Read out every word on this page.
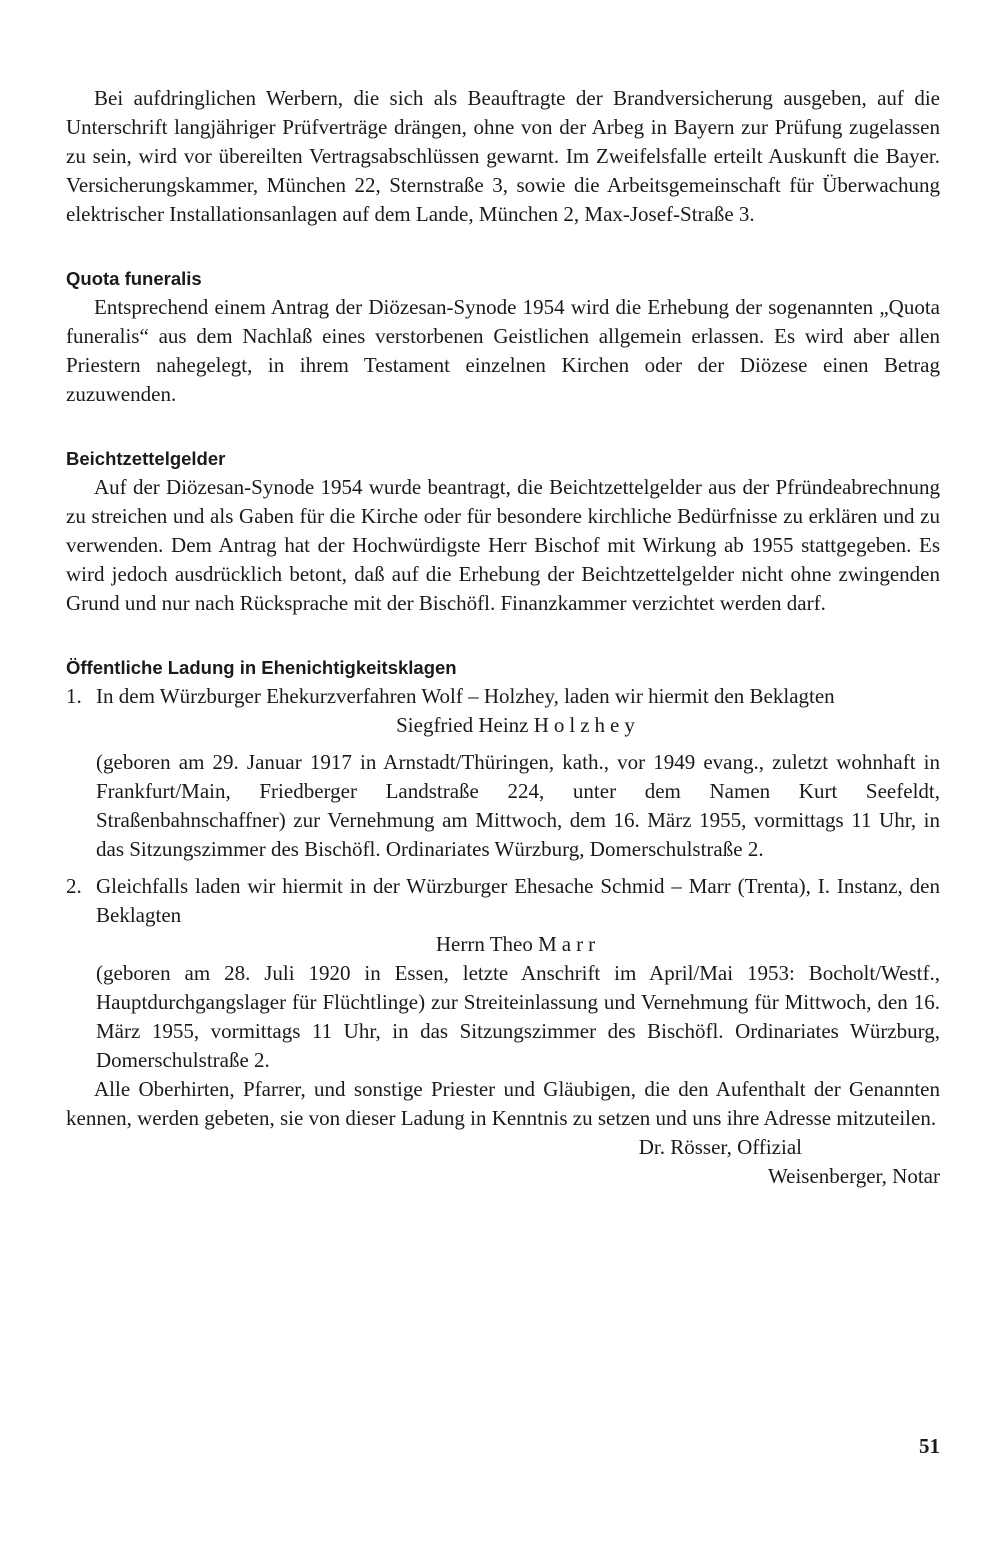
Bei aufdringlichen Werbern, die sich als Beauftragte der Brandversicherung ausgeben, auf die Unterschrift langjähriger Prüfverträge drängen, ohne von der Arbeg in Bayern zur Prüfung zugelassen zu sein, wird vor übereilten Vertragsabschlüssen gewarnt. Im Zweifelsfalle erteilt Auskunft die Bayer. Versicherungskammer, München 22, Sternstraße 3, sowie die Arbeitsgemeinschaft für Überwachung elektrischer Installationsanlagen auf dem Lande, München 2, Max-Josef-Straße 3.

Quota funeralis

Entsprechend einem Antrag der Diözesan-Synode 1954 wird die Erhebung der sogenannten „Quota funeralis“ aus dem Nachlaß eines verstorbenen Geistlichen allgemein erlassen. Es wird aber allen Priestern nahegelegt, in ihrem Testament einzelnen Kirchen oder der Diözese einen Betrag zuzuwenden.

Beichtzettelgelder

Auf der Diözesan-Synode 1954 wurde beantragt, die Beichtzettelgelder aus der Pfründeabrechnung zu streichen und als Gaben für die Kirche oder für besondere kirchliche Bedürfnisse zu erklären und zu verwenden. Dem Antrag hat der Hochwürdigste Herr Bischof mit Wirkung ab 1955 stattgegeben. Es wird jedoch ausdrücklich betont, daß auf die Erhebung der Beichtzettelgelder nicht ohne zwingenden Grund und nur nach Rücksprache mit der Bischöfl. Finanzkammer verzichtet werden darf.

Öffentliche Ladung in Ehenichtigkeitsklagen
1. In dem Würzburger Ehekurzverfahren Wolf – Holzhey, laden wir hiermit den Beklagten

Siegfried Heinz Holzhey

(geboren am 29. Januar 1917 in Arnstadt/Thüringen, kath., vor 1949 evang., zuletzt wohnhaft in Frankfurt/Main, Friedberger Landstraße 224, unter dem Namen Kurt Seefeldt, Straßenbahnschaffner) zur Vernehmung am Mittwoch, dem 16. März 1955, vormittags 11 Uhr, in das Sitzungszimmer des Bischöfl. Ordinariates Würzburg, Domerschulstraße 2.

2. Gleichfalls laden wir hiermit in der Würzburger Ehesache Schmid – Marr (Trenta), I. Instanz, den Beklagten

Herrn Theo Marr

(geboren am 28. Juli 1920 in Essen, letzte Anschrift im April/Mai 1953: Bocholt/Westf., Hauptdurchgangslager für Flüchtlinge) zur Streiteinlassung und Vernehmung für Mittwoch, den 16. März 1955, vormittags 11 Uhr, in das Sitzungszimmer des Bischöfl. Ordinariates Würzburg, Domerschulstraße 2.

Alle Oberhirten, Pfarrer, und sonstige Priester und Gläubigen, die den Aufenthalt der Genannten kennen, werden gebeten, sie von dieser Ladung in Kenntnis zu setzen und uns ihre Adresse mitzuteilen.

Dr. Rösser, Offizial

Weisenberger, Notar

51
